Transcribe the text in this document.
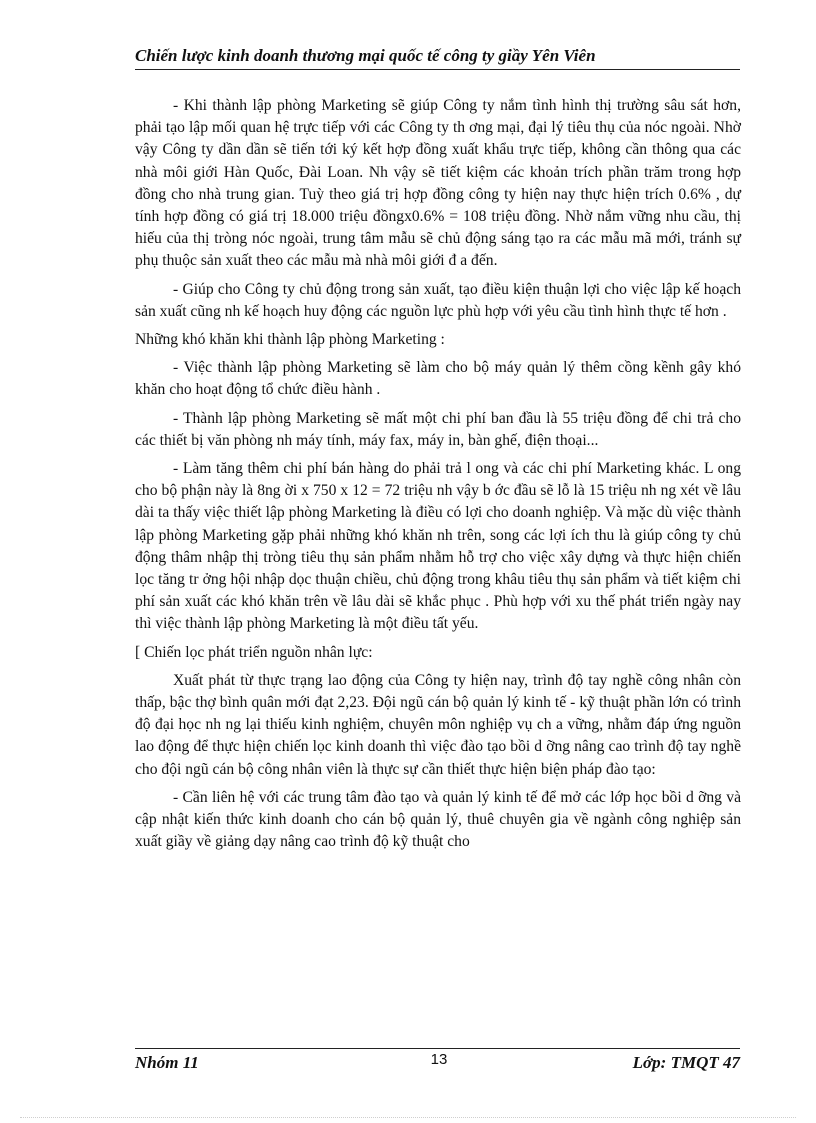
Chiến lược kinh doanh thương mại quốc tế công ty giầy Yên Viên

- Khi thành lập phòng Marketing sẽ giúp Công ty nắm tình hình thị trường sâu sát hơn, phải tạo lập mối quan hệ trực tiếp với các Công ty th ơng mại, đại lý tiêu thụ của nóc ngoài. Nhờ vậy Công ty dần dần sẽ tiến tới ký kết hợp đồng xuất khẩu trực tiếp, không cần thông qua các nhà môi giới Hàn Quốc, Đài Loan. Nh vậy sẽ tiết kiệm các khoản trích phần trăm trong hợp đồng cho nhà trung gian. Tuỳ theo giá trị hợp đồng công ty hiện nay thực hiện trích 0.6% , dự tính hợp đồng có giá trị 18.000 triệu đồngx0.6% = 108 triệu đồng. Nhờ nắm vững nhu cầu, thị hiếu của thị tròng nóc ngoài, trung tâm mẫu sẽ chủ động sáng tạo ra các mẫu mã mới, tránh sự phụ thuộc sản xuất theo các mẫu mà nhà môi giới đ a đến.

- Giúp cho Công ty chủ động trong sản xuất, tạo điều kiện thuận lợi cho việc lập kế hoạch sản xuất cũng nh kế hoạch huy động các nguồn lực phù hợp với yêu cầu tình hình thực tế hơn .

Những khó khăn khi thành lập phòng Marketing :

- Việc thành lập phòng Marketing sẽ làm cho bộ máy quản lý thêm cồng kềnh gây khó khăn cho hoạt động tổ chức điều hành .

- Thành lập phòng Marketing sẽ mất một chi phí ban đầu là 55 triệu đồng để chi trả cho các thiết bị văn phòng nh máy tính, máy fax, máy in, bàn ghế, điện thoại...

- Làm tăng thêm chi phí bán hàng do phải trả l ong và các chi phí Marketing khác. L ong cho bộ phận này là 8ng ời x 750 x 12 = 72 triệu nh vậy b ớc đầu sẽ lỗ là 15 triệu nh ng xét về lâu dài ta thấy việc thiết lập phòng Marketing là điều có lợi cho doanh nghiệp. Và mặc dù việc thành lập phòng Marketing gặp phải những khó khăn nh trên, song các lợi ích thu là giúp công ty chủ động thâm nhập thị tròng tiêu thụ sản phẩm nhằm hỗ trợ cho việc xây dựng và thực hiện chiến lọc tăng tr ởng hội nhập dọc thuận chiều, chủ động trong khâu tiêu thụ sản phẩm và tiết kiệm chi phí sản xuất các khó khăn trên về lâu dài sẽ khắc phục . Phù hợp với xu thế phát triển ngày nay thì việc thành lập phòng Marketing là một điều tất yếu.

[ Chiến lọc phát triển nguồn nhân lực:

Xuất phát từ thực trạng lao động của Công ty hiện nay, trình độ tay nghề công nhân còn thấp, bậc thợ bình quân mới đạt 2,23. Đội ngũ cán bộ quản lý kinh tế - kỹ thuật phần lớn có trình độ đại học nh ng lại thiếu kinh nghiệm, chuyên môn nghiệp vụ ch a vững, nhằm đáp ứng nguồn lao động để thực hiện chiến lọc kinh doanh thì việc đào tạo bồi d ỡng nâng cao trình độ tay nghề cho đội ngũ cán bộ công nhân viên là thực sự cần thiết thực hiện biện pháp đào tạo:

- Cần liên hệ với các trung tâm đào tạo và quản lý kinh tế để mở các lớp học bồi d ỡng và cập nhật kiến thức kinh doanh cho cán bộ quản lý, thuê chuyên gia về ngành công nghiệp sản xuất giầy về giảng dạy nâng cao trình độ kỹ thuật cho

Nhóm 11	13	Lớp: TMQT 47
